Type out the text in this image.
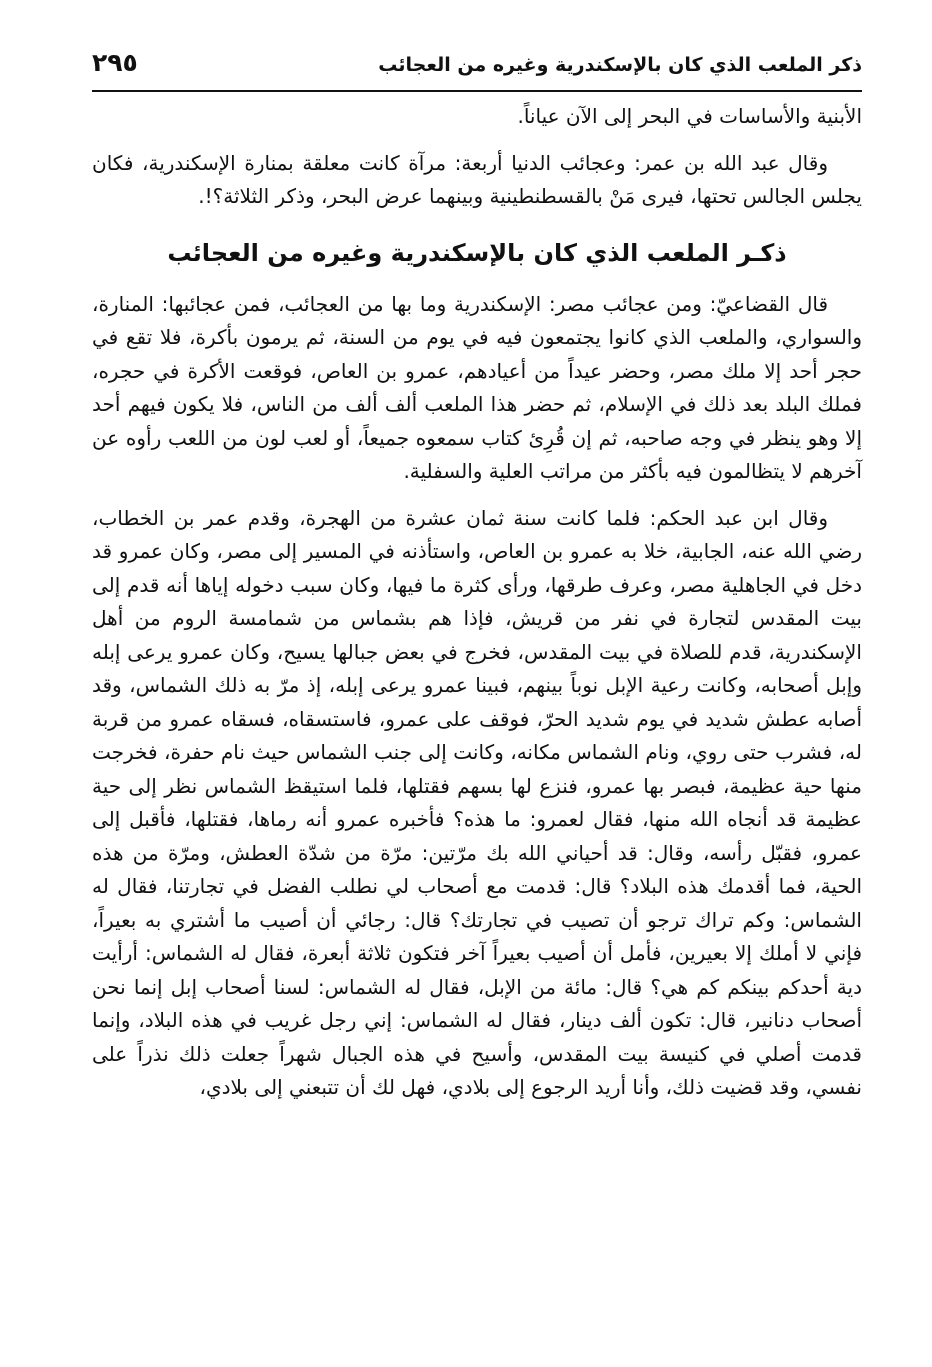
ذكر الملعب الذي كان بالإسكندرية وغيره من العجائب
٢٩٥

الأبنية والأساسات في البحر إلى الآن عياناً.

وقال عبد الله بن عمر: وعجائب الدنيا أربعة: مرآة كانت معلقة بمنارة الإسكندرية، فكان يجلس الجالس تحتها، فيرى مَنْ بالقسطنطينية وبينهما عرض البحر، وذكر الثلاثة؟!.

ذكـر الملعب الذي كان بالإسكندرية وغيره من العجائب

قال القضاعيّ: ومن عجائب مصر: الإسكندرية وما بها من العجائب، فمن عجائبها: المنارة، والسواري، والملعب الذي كانوا يجتمعون فيه في يوم من السنة، ثم يرمون بأكرة، فلا تقع في حجر أحد إلا ملك مصر، وحضر عيداً من أعيادهم، عمرو بن العاص، فوقعت الأكرة في حجره، فملك البلد بعد ذلك في الإسلام، ثم حضر هذا الملعب ألف ألف من الناس، فلا يكون فيهم أحد إلا وهو ينظر في وجه صاحبه، ثم إن قُرِئ كتاب سمعوه جميعاً، أو لعب لون من اللعب رأوه عن آخرهم لا يتظالمون فيه بأكثر من مراتب العلية والسفلية.

وقال ابن عبد الحكم: فلما كانت سنة ثمان عشرة من الهجرة، وقدم عمر بن الخطاب، رضي الله عنه، الجابية، خلا به عمرو بن العاص، واستأذنه في المسير إلى مصر، وكان عمرو قد دخل في الجاهلية مصر، وعرف طرقها، ورأى كثرة ما فيها، وكان سبب دخوله إياها أنه قدم إلى بيت المقدس لتجارة في نفر من قريش، فإذا هم بشماس من شمامسة الروم من أهل الإسكندرية، قدم للصلاة في بيت المقدس، فخرج في بعض جبالها يسيح، وكان عمرو يرعى إبله وإبل أصحابه، وكانت رعية الإبل نوباً بينهم، فبينا عمرو يرعى إبله، إذ مرّ به ذلك الشماس، وقد أصابه عطش شديد في يوم شديد الحرّ، فوقف على عمرو، فاستسقاه، فسقاه عمرو من قربة له، فشرب حتى روي، ونام الشماس مكانه، وكانت إلى جنب الشماس حيث نام حفرة، فخرجت منها حية عظيمة، فبصر بها عمرو، فنزع لها بسهم فقتلها، فلما استيقظ الشماس نظر إلى حية عظيمة قد أنجاه الله منها، فقال لعمرو: ما هذه؟ فأخبره عمرو أنه رماها، فقتلها، فأقبل إلى عمرو، فقبّل رأسه، وقال: قد أحياني الله بك مرّتين: مرّة من شدّة العطش، ومرّة من هذه الحية، فما أقدمك هذه البلاد؟ قال: قدمت مع أصحاب لي نطلب الفضل في تجارتنا، فقال له الشماس: وكم تراك ترجو أن تصيب في تجارتك؟ قال: رجائي أن أصيب ما أشتري به بعيراً، فإني لا أملك إلا بعيرين، فأمل أن أصيب بعيراً آخر فتكون ثلاثة أبعرة، فقال له الشماس: أرأيت دية أحدكم بينكم كم هي؟ قال: مائة من الإبل، فقال له الشماس: لسنا أصحاب إبل إنما نحن أصحاب دنانير، قال: تكون ألف دينار، فقال له الشماس: إني رجل غريب في هذه البلاد، وإنما قدمت أصلي في كنيسة بيت المقدس، وأسيح في هذه الجبال شهراً جعلت ذلك نذراً على نفسي، وقد قضيت ذلك، وأنا أريد الرجوع إلى بلادي، فهل لك أن تتبعني إلى بلادي،
